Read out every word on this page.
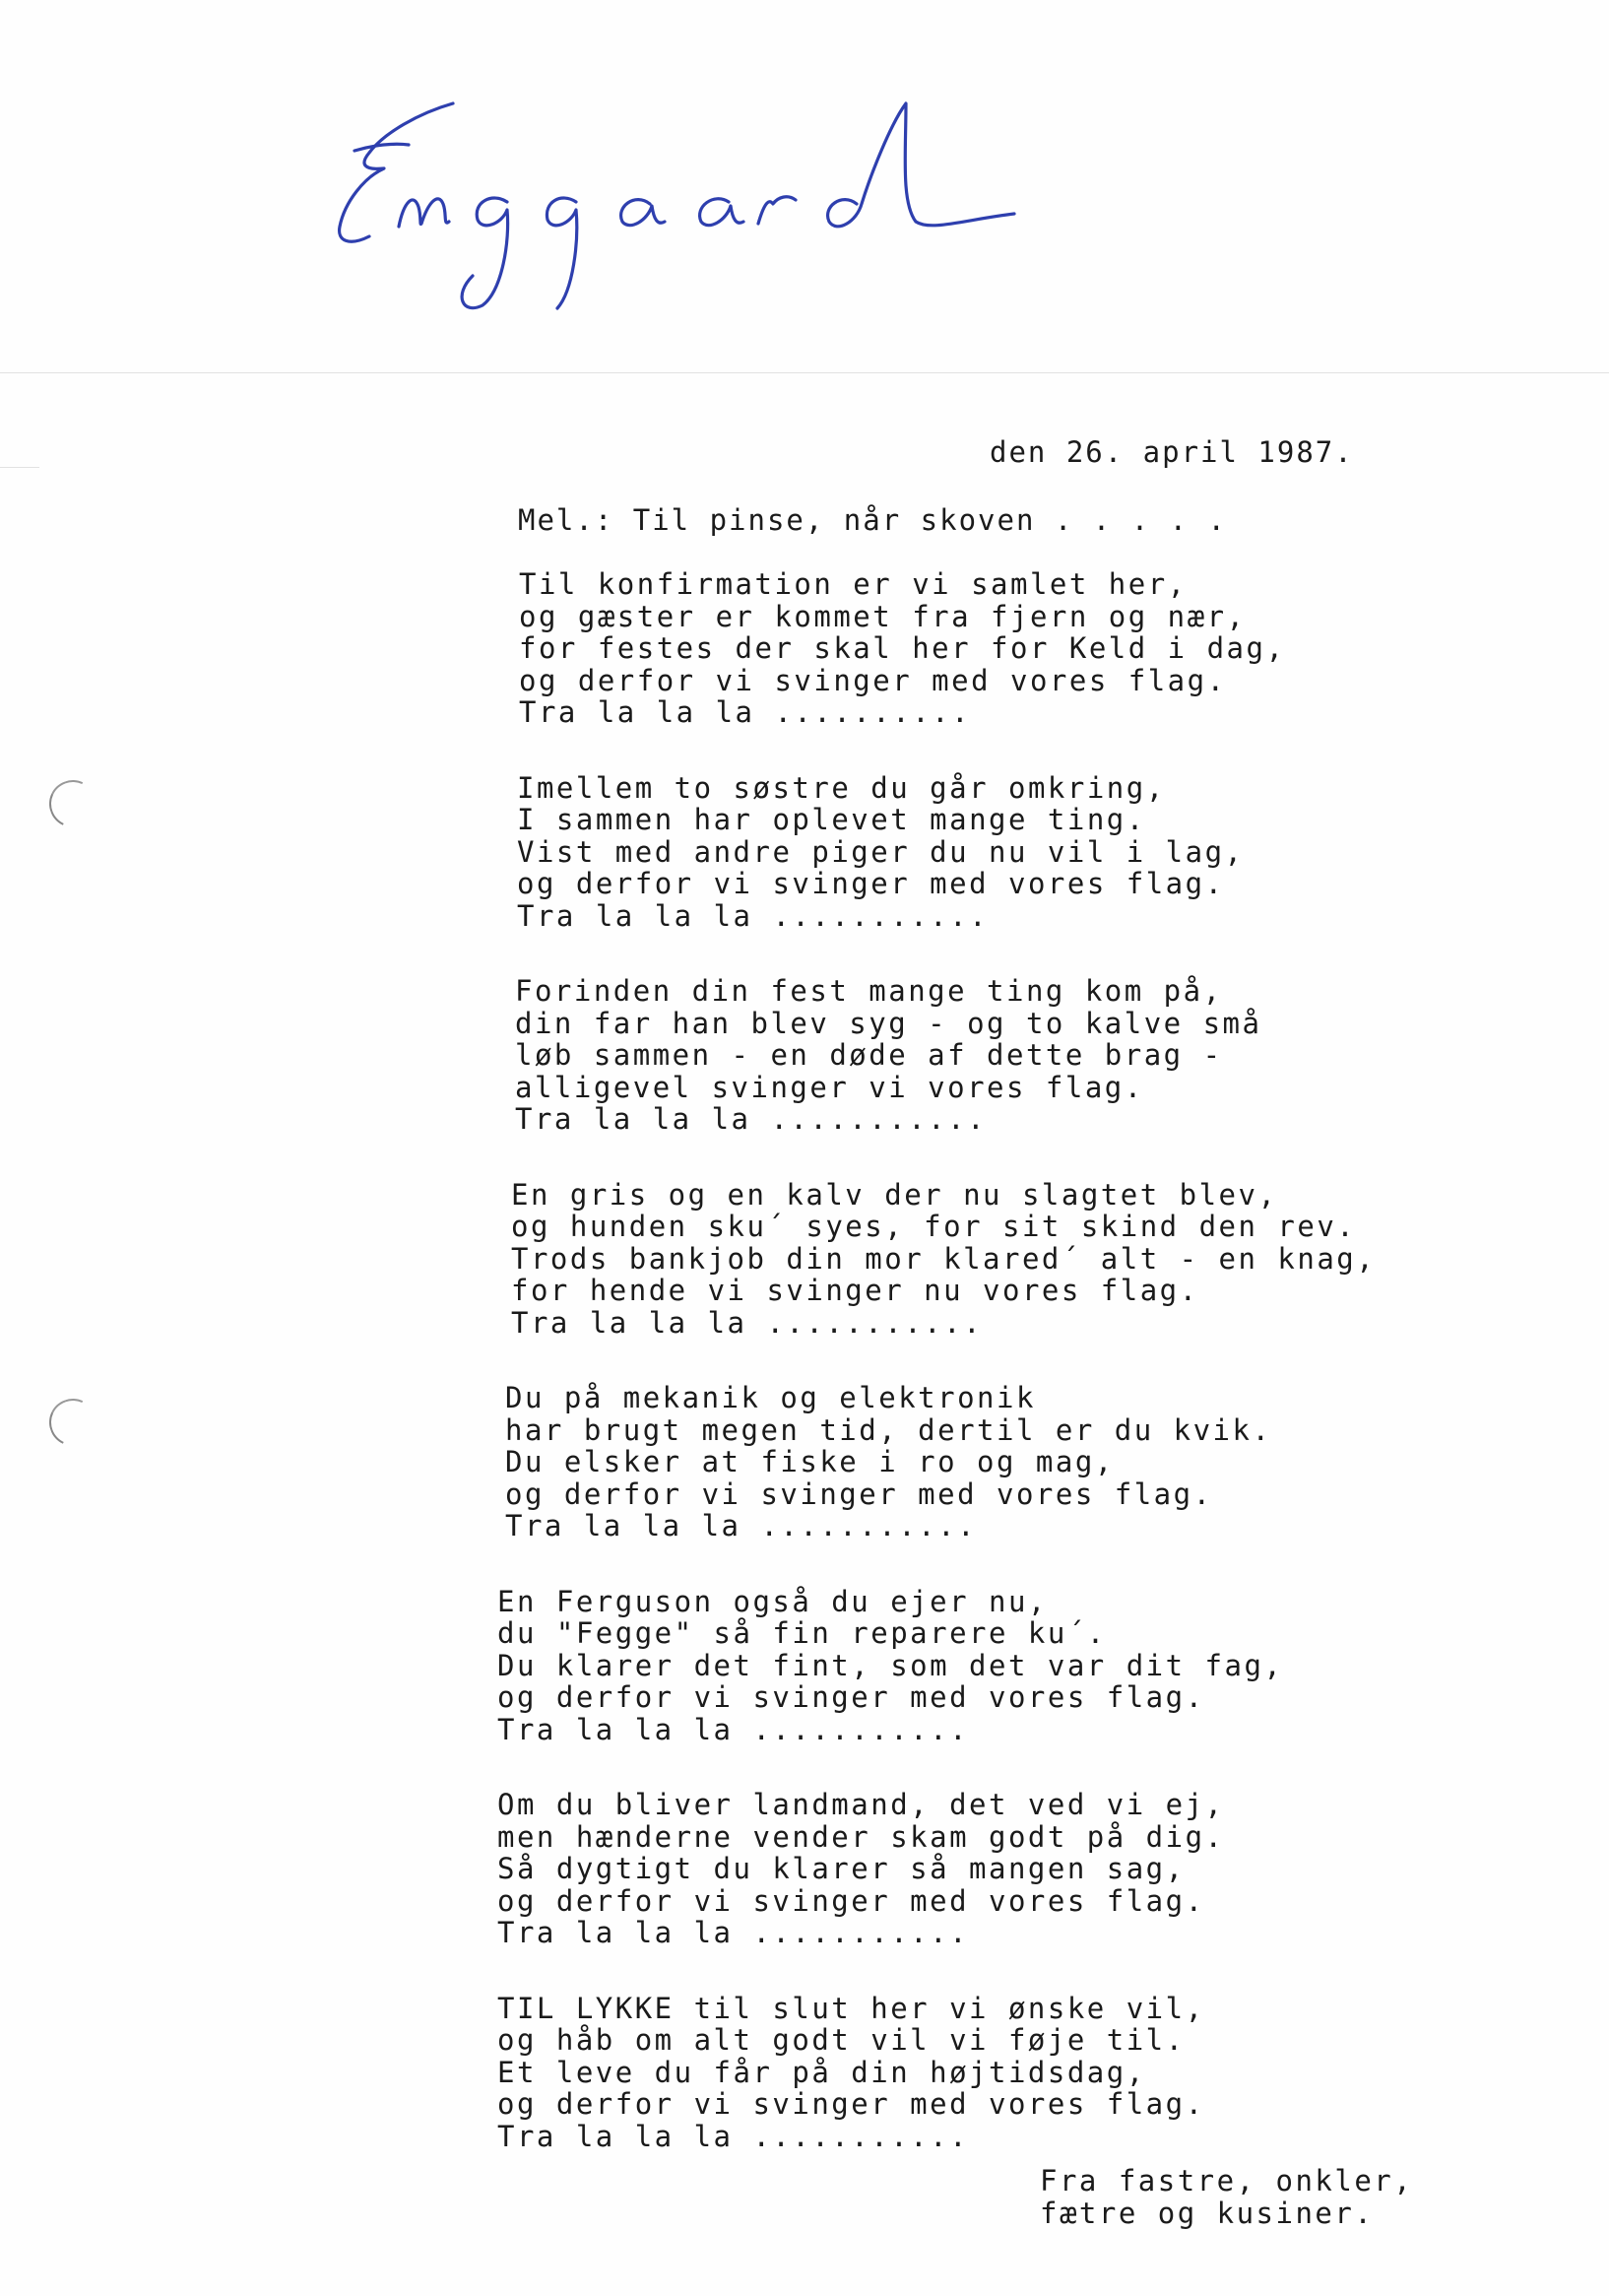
den 26. april 1987.
Mel.: Til pinse, når skoven . . . . .
Til konfirmation er vi samlet her,
og gæster er kommet fra fjern og nær,
for festes der skal her for Keld i dag,
og derfor vi svinger med vores flag.
Tra la la la ..........
Imellem to søstre du går omkring,
I sammen har oplevet mange ting.
Vist med andre piger du nu vil i lag,
og derfor vi svinger med vores flag.
Tra la la la ...........
Forinden din fest mange ting kom på,
din far han blev syg - og to kalve små
løb sammen - en døde af dette brag -
alligevel svinger vi vores flag.
Tra la la la ...........
En gris og en kalv der nu slagtet blev,
og hunden sku´ syes, for sit skind den rev.
Trods bankjob din mor klared´ alt - en knag,
for hende vi svinger nu vores flag.
Tra la la la ...........
Du på mekanik og elektronik
har brugt megen tid, dertil er du kvik.
Du elsker at fiske i ro og mag,
og derfor vi svinger med vores flag.
Tra la la la ...........
En Ferguson også du ejer nu,
du "Fegge" så fin reparere ku´.
Du klarer det fint, som det var dit fag,
og derfor vi svinger med vores flag.
Tra la la la ...........
Om du bliver landmand, det ved vi ej,
men hænderne vender skam godt på dig.
Så dygtigt du klarer så mangen sag,
og derfor vi svinger med vores flag.
Tra la la la ...........
TIL LYKKE til slut her vi ønske vil,
og håb om alt godt vil vi føje til.
Et leve du får på din højtidsdag,
og derfor vi svinger med vores flag.
Tra la la la ...........
Fra fastre, onkler,
fætre og kusiner.
